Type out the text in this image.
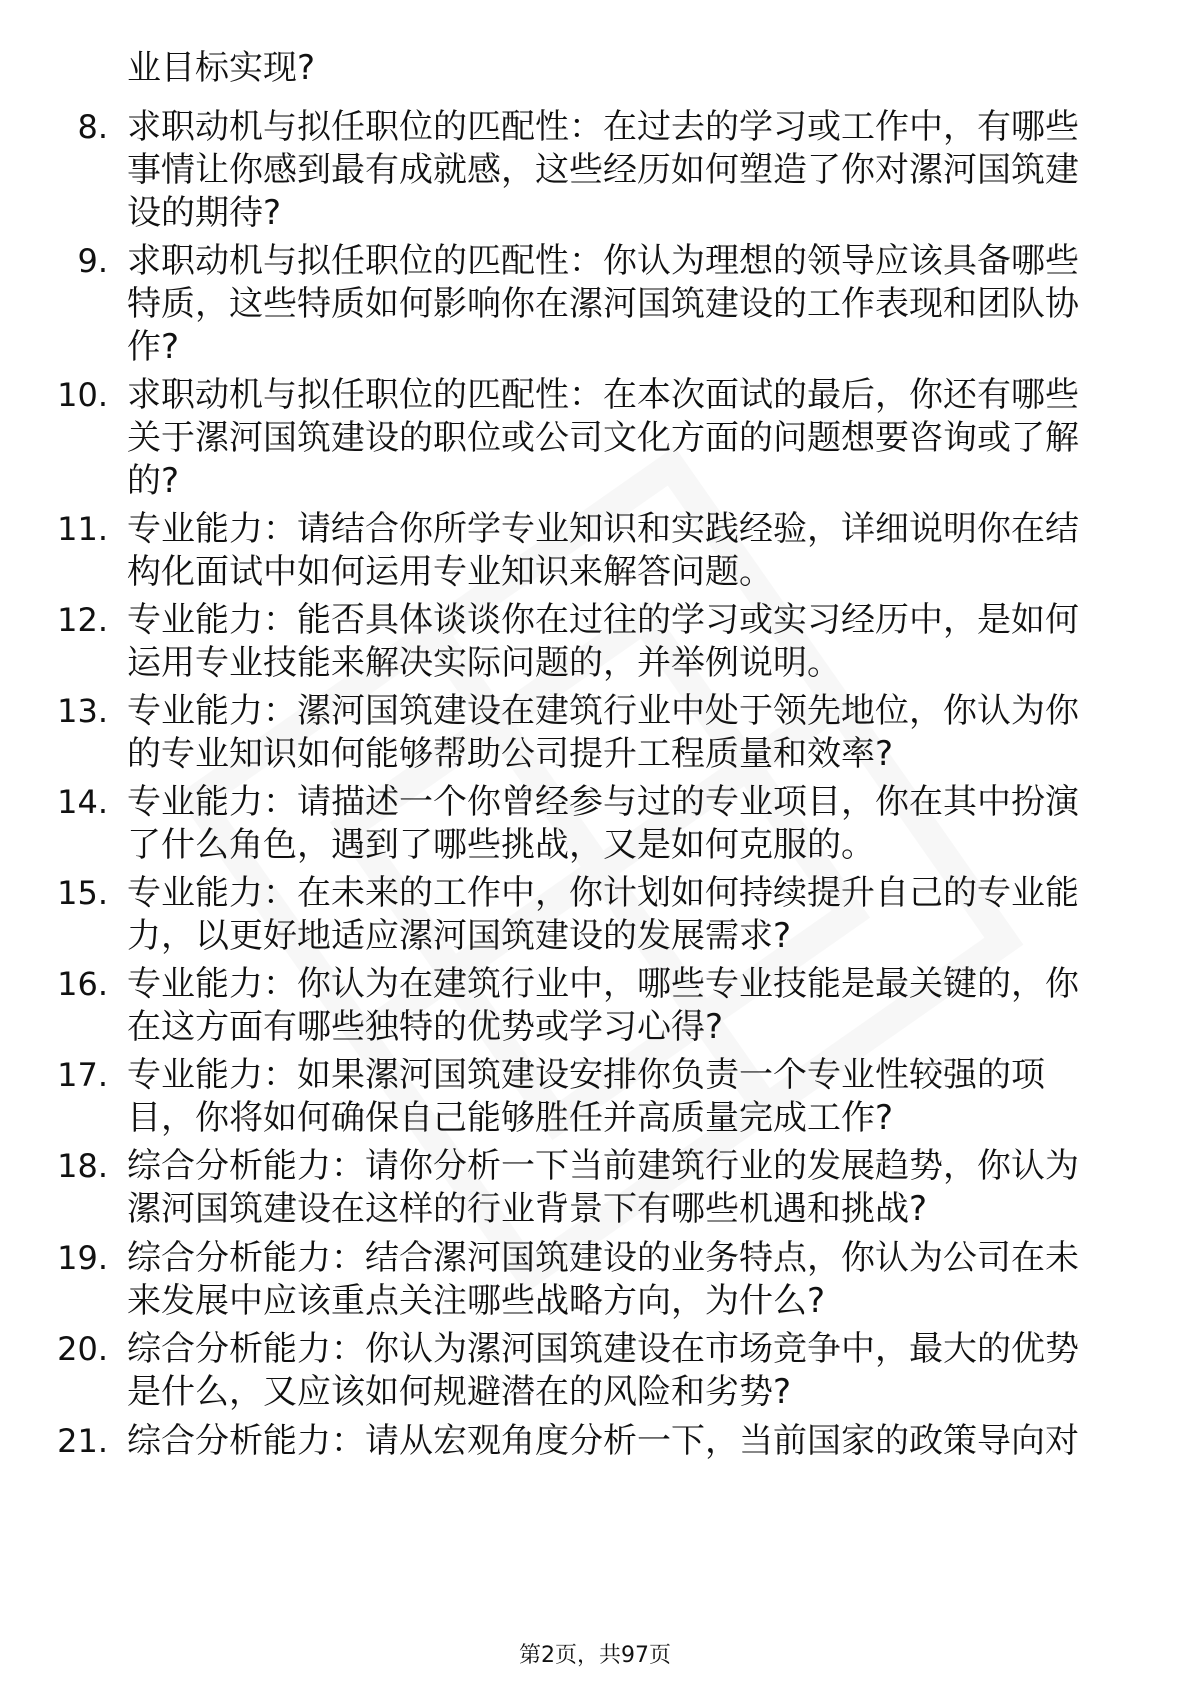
业目标实现?
8. 求职动机与拟任职位的匹配性：在过去的学习或工作中，有哪些
事情让你感到最有成就感，这些经历如何塑造了你对漯河国筑建
设的期待?
9. 求职动机与拟任职位的匹配性：你认为理想的领导应该具备哪些
特质，这些特质如何影响你在漯河国筑建设的工作表现和团队协
作?
10. 求职动机与拟任职位的匹配性：在本次面试的最后，你还有哪些
关于漯河国筑建设的职位或公司文化方面的问题想要咨询或了解
的?
11. 专业能力：请结合你所学专业知识和实践经验，详细说明你在结
构化面试中如何运用专业知识来解答问题。
12. 专业能力：能否具体谈谈你在过往的学习或实习经历中，是如何
运用专业技能来解决实际问题的，并举例说明。
13. 专业能力：漯河国筑建设在建筑行业中处于领先地位，你认为你
的专业知识如何能够帮助公司提升工程质量和效率?
14. 专业能力：请描述一个你曾经参与过的专业项目，你在其中扮演
了什么角色，遇到了哪些挑战，又是如何克服的。
15. 专业能力：在未来的工作中，你计划如何持续提升自己的专业能
力，以更好地适应漯河国筑建设的发展需求?
16. 专业能力：你认为在建筑行业中，哪些专业技能是最关键的，你
在这方面有哪些独特的优势或学习心得?
17. 专业能力：如果漯河国筑建设安排你负责一个专业性较强的项
目，你将如何确保自己能够胜任并高质量完成工作?
18. 综合分析能力：请你分析一下当前建筑行业的发展趋势，你认为
漯河国筑建设在这样的行业背景下有哪些机遇和挑战?
19. 综合分析能力：结合漯河国筑建设的业务特点，你认为公司在未
来发展中应该重点关注哪些战略方向，为什么?
20. 综合分析能力：你认为漯河国筑建设在市场竞争中，最大的优势
是什么，又应该如何规避潜在的风险和劣势?
21. 综合分析能力：请从宏观角度分析一下，当前国家的政策导向对
第2页，共97页
